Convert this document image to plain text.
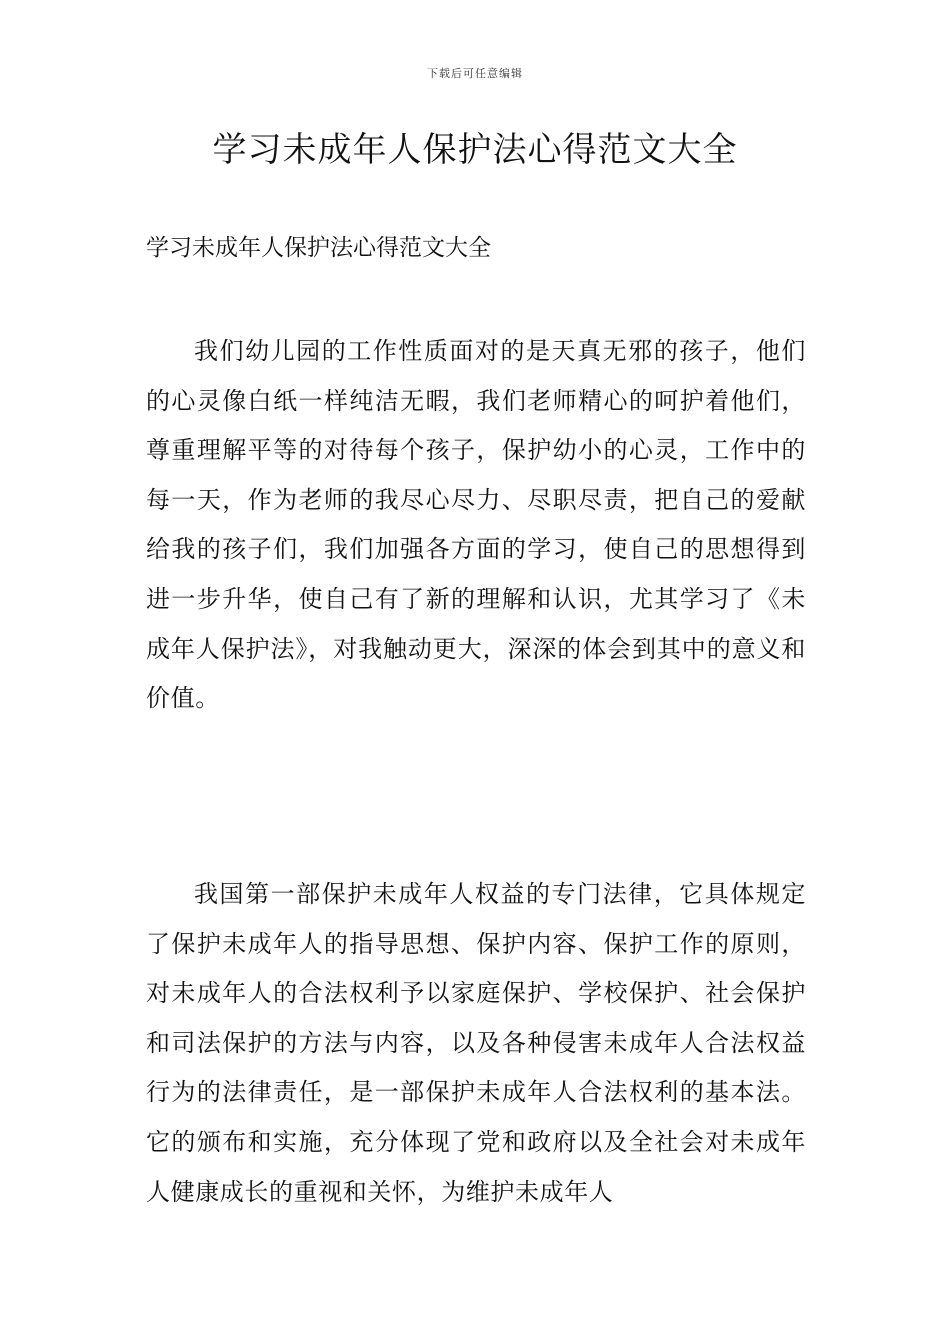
下载后可任意编辑
学习未成年人保护法心得范文大全

学习未成年人保护法心得范文大全

我们幼儿园的工作性质面对的是天真无邪的孩子，他们的心灵像白纸一样纯洁无暇，我们老师精心的呵护着他们，尊重理解平等的对待每个孩子，保护幼小的心灵，工作中的每一天，作为老师的我尽心尽力、尽职尽责，把自己的爱献给我的孩子们，我们加强各方面的学习，使自己的思想得到进一步升华，使自己有了新的理解和认识，尤其学习了《未成年人保护法》，对我触动更大，深深的体会到其中的意义和价值。

我国第一部保护未成年人权益的专门法律，它具体规定了保护未成年人的指导思想、保护内容、保护工作的原则，对未成年人的合法权利予以家庭保护、学校保护、社会保护和司法保护的方法与内容，以及各种侵害未成年人合法权益行为的法律责任，是一部保护未成年人合法权利的基本法。它的颁布和实施，充分体现了党和政府以及全社会对未成年人健康成长的重视和关怀，为维护未成年人
